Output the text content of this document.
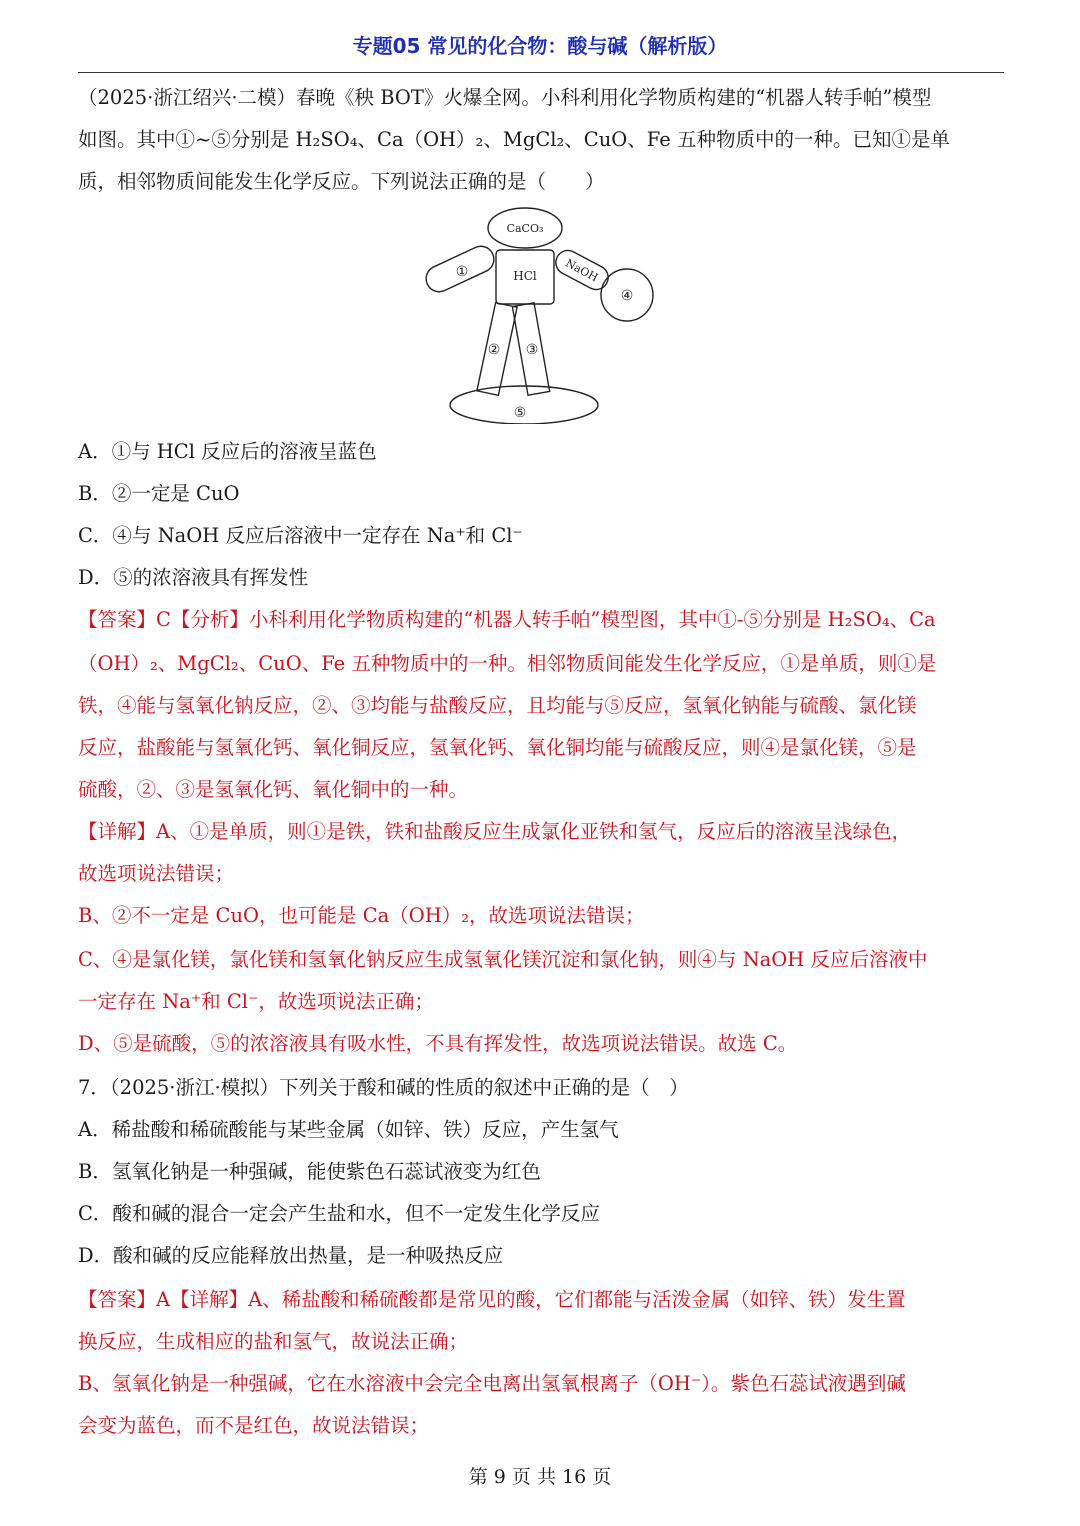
专题05 常见的化合物：酸与碱（解析版）
（2025·浙江绍兴·二模）春晚《秧 BOT》火爆全网。小科利用化学物质构建的“机器人转手帕”模型
如图。其中①~⑤分别是 H₂SO₄、Ca（OH）₂、MgCl₂、CuO、Fe 五种物质中的一种。已知①是单
质，相邻物质间能发生化学反应。下列说法正确的是（　　）
CaCO₃
HCl NaOH
①
④
② ③
⑤
A．①与 HCl 反应后的溶液呈蓝色
B．②一定是 CuO
C．④与 NaOH 反应后溶液中一定存在 Na⁺和 Cl⁻
D．⑤的浓溶液具有挥发性
【答案】C【分析】小科利用化学物质构建的“机器人转手帕”模型图，其中①-⑤分别是 H₂SO₄、Ca
（OH）₂、MgCl₂、CuO、Fe 五种物质中的一种。相邻物质间能发生化学反应，①是单质，则①是
铁，④能与氢氧化钠反应，②、③均能与盐酸反应，且均能与⑤反应，氢氧化钠能与硫酸、氯化镁
反应，盐酸能与氢氧化钙、氧化铜反应，氢氧化钙、氧化铜均能与硫酸反应，则④是氯化镁，⑤是
硫酸，②、③是氢氧化钙、氧化铜中的一种。
【详解】A、①是单质，则①是铁，铁和盐酸反应生成氯化亚铁和氢气，反应后的溶液呈浅绿色，
故选项说法错误；
B、②不一定是 CuO，也可能是 Ca（OH）₂，故选项说法错误；
C、④是氯化镁，氯化镁和氢氧化钠反应生成氢氧化镁沉淀和氯化钠，则④与 NaOH 反应后溶液中
一定存在 Na⁺和 Cl⁻，故选项说法正确；
D、⑤是硫酸，⑤的浓溶液具有吸水性，不具有挥发性，故选项说法错误。故选 C。
7．（2025·浙江·模拟）下列关于酸和碱的性质的叙述中正确的是（　）
A．稀盐酸和稀硫酸能与某些金属（如锌、铁）反应，产生氢气
B．氢氧化钠是一种强碱，能使紫色石蕊试液变为红色
C．酸和碱的混合一定会产生盐和水，但不一定发生化学反应
D．酸和碱的反应能释放出热量，是一种吸热反应
【答案】A【详解】A、稀盐酸和稀硫酸都是常见的酸，它们都能与活泼金属（如锌、铁）发生置
换反应，生成相应的盐和氢气，故说法正确；
B、氢氧化钠是一种强碱，它在水溶液中会完全电离出氢氧根离子（OH⁻）。紫色石蕊试液遇到碱
会变为蓝色，而不是红色，故说法错误；
第 9 页 共 16 页
